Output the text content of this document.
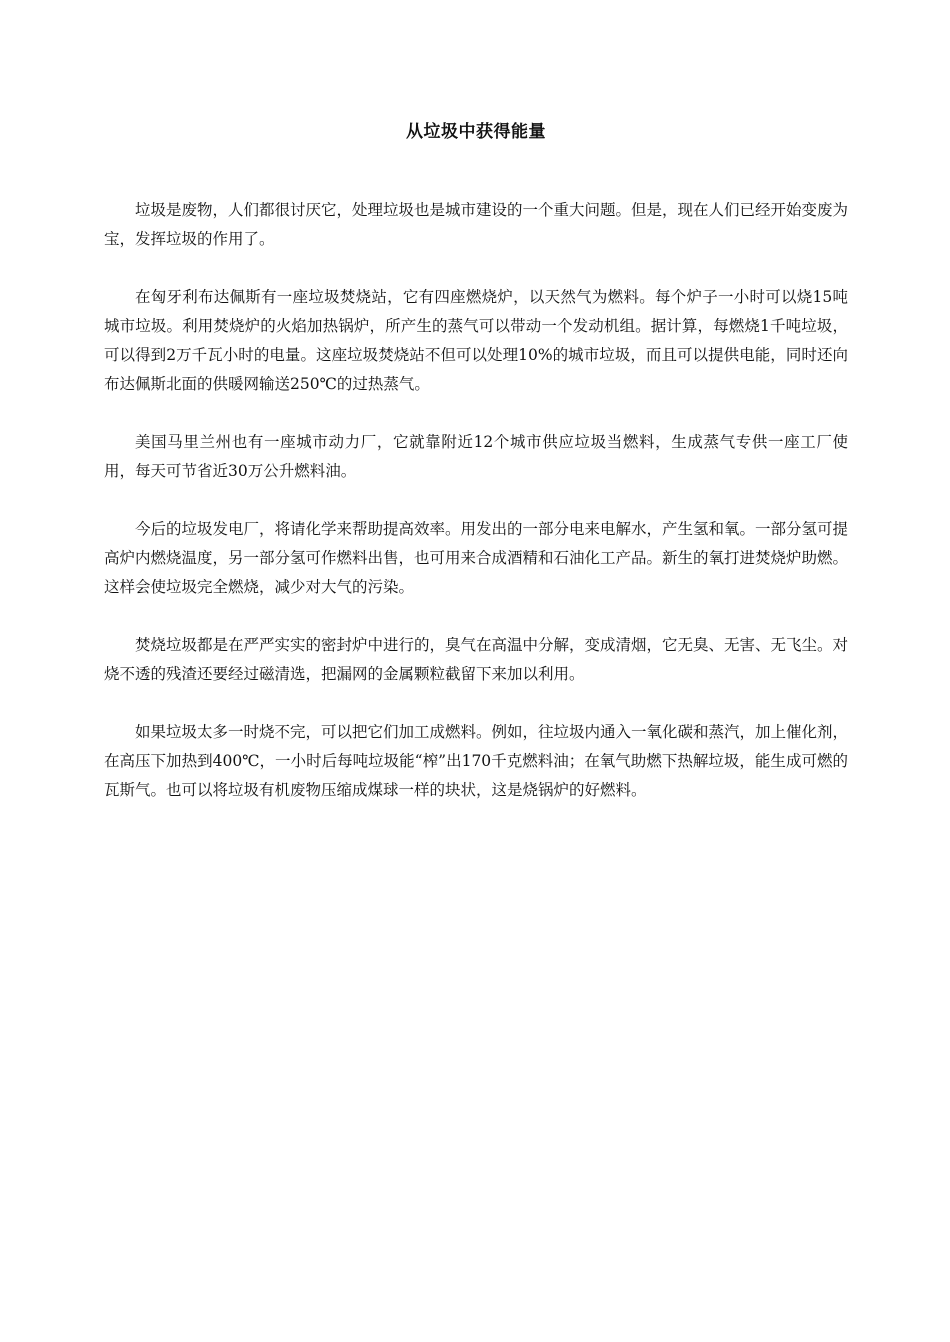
从垃圾中获得能量

垃圾是废物，人们都很讨厌它，处理垃圾也是城市建设的一个重大问题。但是，现在人们已经开始变废为宝，发挥垃圾的作用了。

在匈牙利布达佩斯有一座垃圾焚烧站，它有四座燃烧炉，以天然气为燃料。每个炉子一小时可以烧15吨城市垃圾。利用焚烧炉的火焰加热锅炉，所产生的蒸气可以带动一个发动机组。据计算，每燃烧1千吨垃圾，可以得到2万千瓦小时的电量。这座垃圾焚烧站不但可以处理10%的城市垃圾，而且可以提供电能，同时还向布达佩斯北面的供暖网输送250℃的过热蒸气。

美国马里兰州也有一座城市动力厂，它就靠附近12个城市供应垃圾当燃料，生成蒸气专供一座工厂使用，每天可节省近30万公升燃料油。

今后的垃圾发电厂，将请化学来帮助提高效率。用发出的一部分电来电解水，产生氢和氧。一部分氢可提高炉内燃烧温度，另一部分氢可作燃料出售，也可用来合成酒精和石油化工产品。新生的氧打进焚烧炉助燃。这样会使垃圾完全燃烧，减少对大气的污染。

焚烧垃圾都是在严严实实的密封炉中进行的，臭气在高温中分解，变成清烟，它无臭、无害、无飞尘。对烧不透的残渣还要经过磁清选，把漏网的金属颗粒截留下来加以利用。

如果垃圾太多一时烧不完，可以把它们加工成燃料。例如，往垃圾内通入一氧化碳和蒸汽，加上催化剂，在高压下加热到400℃，一小时后每吨垃圾能“榨”出170千克燃料油；在氧气助燃下热解垃圾，能生成可燃的瓦斯气。也可以将垃圾有机废物压缩成煤球一样的块状，这是烧锅炉的好燃料。
